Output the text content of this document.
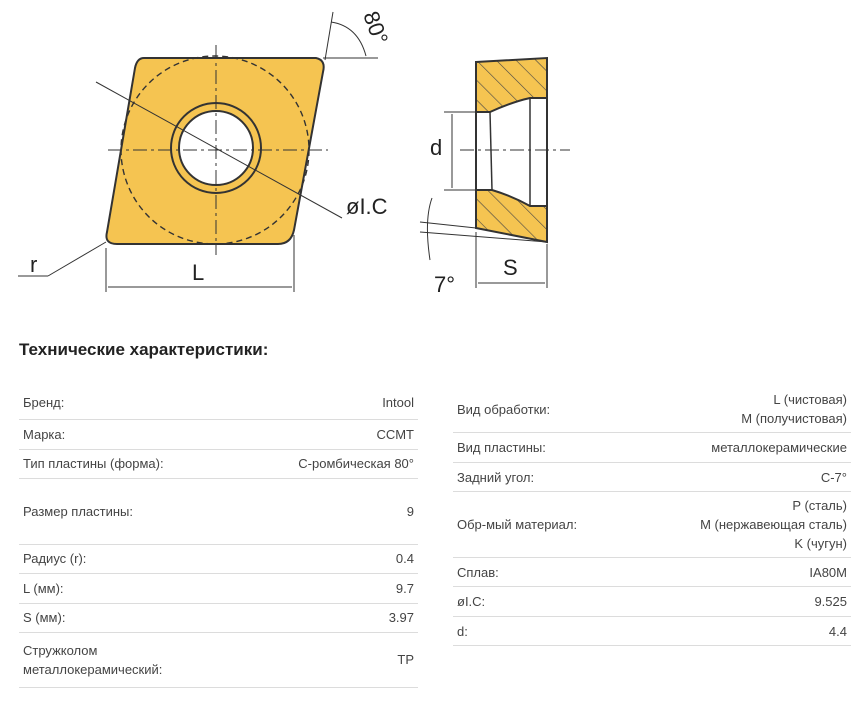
80°
øI.C
r	L
d
S
7°
Технические характеристики:
Бренд:	Intool
Марка:	CCMT
Тип пластины (форма):	C-ромбическая 80°
Размер пластины:	9
Радиус (r):	0.4
L (мм):	9.7
S (мм):	3.97

Стружколом
металлокерамический:	TP
Вид обработки:	L (чистовая)
M (получистовая)

Вид пластины:	металлокерамические
Задний угол:	C-7°
Обр-мый материал:	P (сталь)
M (нержавеющая сталь)
K (чугун)

Сплав:	IA80M
øI.C:	9.525
d:	4.4
